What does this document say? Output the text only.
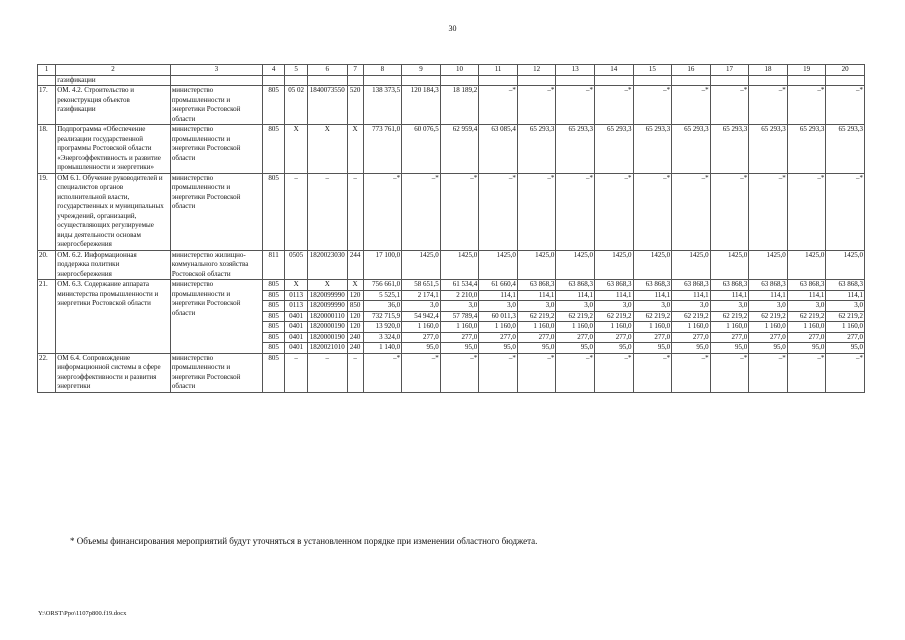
30
1	2	3	4	5	6	7	8	9	10	11	12	13	14	15	16	17	18	19	20
	газификации																		
17.	ОМ. 4.2. Строительство и реконструкция объектов газификации	министерство промышленности и энергетики Ростовской области	805	05 02	1840073550	520	138 373,5	120 184,3	18 189,2	–*	–*	–*	–*	–*	–*	–*	–*	–*	–*
18.	Подпрограмма «Обеспечение реализации государственной программы Ростовской области «Энергоэффективность и развитие промышленности и энергетики»	министерство промышленности и энергетики Ростовской области	805	Х	Х	Х	773 761,0	60 076,5	62 959,4	63 085,4	65 293,3	65 293,3	65 293,3	65 293,3	65 293,3	65 293,3	65 293,3	65 293,3	65 293,3
19.	ОМ 6.1. Обучение руководителей и специалистов органов исполнительной власти, государственных и муниципальных учреждений, организаций, осуществляющих регулируемые виды деятельности основам энергосбережения	министерство промышленности и энергетики Ростовской области	805	–	–	–	–*	–*	–*	–*	–*	–*	–*	–*	–*	–*	–*	–*	–*
20.	ОМ. 6.2. Информационная поддержка политики энергосбережения	министерство жилищно-коммунального хозяйства Ростовской области	811	0505	1820023030	244	17 100,0	1425,0	1425,0	1425,0	1425,0	1425,0	1425,0	1425,0	1425,0	1425,0	1425,0	1425,0	1425,0
21.	ОМ. 6.3. Содержание аппарата министерства промышленности и энергетики Ростовской области	министерство промышленности и энергетики Ростовской области	805	Х	Х	Х	756 661,0	58 651,5	61 534,4	61 660,4	63 868,3	63 868,3	63 868,3	63 868,3	63 868,3	63 868,3	63 868,3	63 868,3	63 868,3
			805	0113	1820099990	120	5 525,1	2 174,1	2 210,0	114,1	114,1	114,1	114,1	114,1	114,1	114,1	114,1	114,1	114,1
			805	0113	1820099990	850	36,0	3,0	3,0	3,0	3,0	3,0	3,0	3,0	3,0	3,0	3,0	3,0	3,0
			805	0401	1820000110	120	732 715,9	54 942,4	57 789,4	60 011,3	62 219,2	62 219,2	62 219,2	62 219,2	62 219,2	62 219,2	62 219,2	62 219,2	62 219,2
			805	0401	1820000190	120	13 920,0	1 160,0	1 160,0	1 160,0	1 160,0	1 160,0	1 160,0	1 160,0	1 160,0	1 160,0	1 160,0	1 160,0	1 160,0
			805	0401	1820000190	240	3 324,0	277,0	277,0	277,0	277,0	277,0	277,0	277,0	277,0	277,0	277,0	277,0	277,0
			805	0401	1820021010	240	1 140,0	95,0	95,0	95,0	95,0	95,0	95,0	95,0	95,0	95,0	95,0	95,0	95,0
22.	ОМ 6.4. Сопровождение информационной системы в сфере энергоэффективности и развития энергетики	министерство промышленности и энергетики Ростовской области	805	–	–	–	–*	–*	–*	–*	–*	–*	–*	–*	–*	–*	–*	–*	–*
* Объемы финансирования мероприятий будут уточняться в установленном порядке при изменении областного бюджета.
Y:\ORST\Ppo\1107p800.f19.docx
